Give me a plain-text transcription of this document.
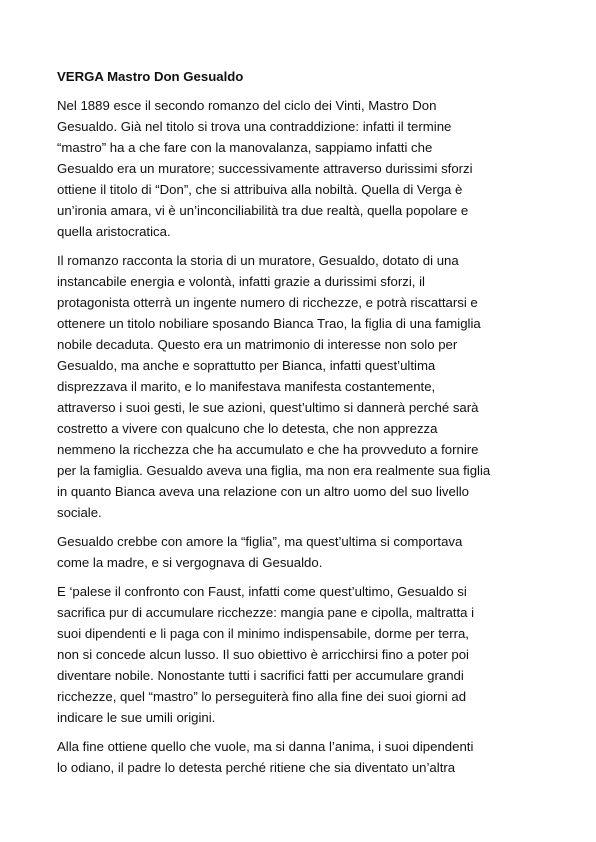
VERGA Mastro Don Gesualdo
Nel 1889 esce il secondo romanzo del ciclo dei Vinti, Mastro Don
Gesualdo. Già nel titolo si trova una contraddizione: infatti il termine
“mastro” ha a che fare con la manovalanza, sappiamo infatti che
Gesualdo era un muratore; successivamente attraverso durissimi sforzi
ottiene il titolo di “Don”, che si attribuiva alla nobiltà. Quella di Verga è
un’ironia amara, vi è un’inconciliabilità tra due realtà, quella popolare e
quella aristocratica.
Il romanzo racconta la storia di un muratore, Gesualdo, dotato di una
instancabile energia e volontà, infatti grazie a durissimi sforzi, il
protagonista otterrà un ingente numero di ricchezze, e potrà riscattarsi e
ottenere un titolo nobiliare sposando Bianca Trao, la figlia di una famiglia
nobile decaduta. Questo era un matrimonio di interesse non solo per
Gesualdo, ma anche e soprattutto per Bianca, infatti quest’ultima
disprezzava il marito, e lo manifestava manifesta costantemente,
attraverso i suoi gesti, le sue azioni, quest’ultimo si dannerà perché sarà
costretto a vivere con qualcuno che lo detesta, che non apprezza
nemmeno la ricchezza che ha accumulato e che ha provveduto a fornire
per la famiglia. Gesualdo aveva una figlia, ma non era realmente sua figlia
in quanto Bianca aveva una relazione con un altro uomo del suo livello
sociale.
Gesualdo crebbe con amore la “figlia”, ma quest’ultima si comportava
come la madre, e si vergognava di Gesualdo.
E ‘palese il confronto con Faust, infatti come quest’ultimo, Gesualdo si
sacrifica pur di accumulare ricchezze: mangia pane e cipolla, maltratta i
suoi dipendenti e li paga con il minimo indispensabile, dorme per terra,
non si concede alcun lusso. Il suo obiettivo è arricchirsi fino a poter poi
diventare nobile. Nonostante tutti i sacrifici fatti per accumulare grandi
ricchezze, quel “mastro” lo perseguiterà fino alla fine dei suoi giorni ad
indicare le sue umili origini.
Alla fine ottiene quello che vuole, ma si danna l’anima, i suoi dipendenti
lo odiano, il padre lo detesta perché ritiene che sia diventato un’altra
